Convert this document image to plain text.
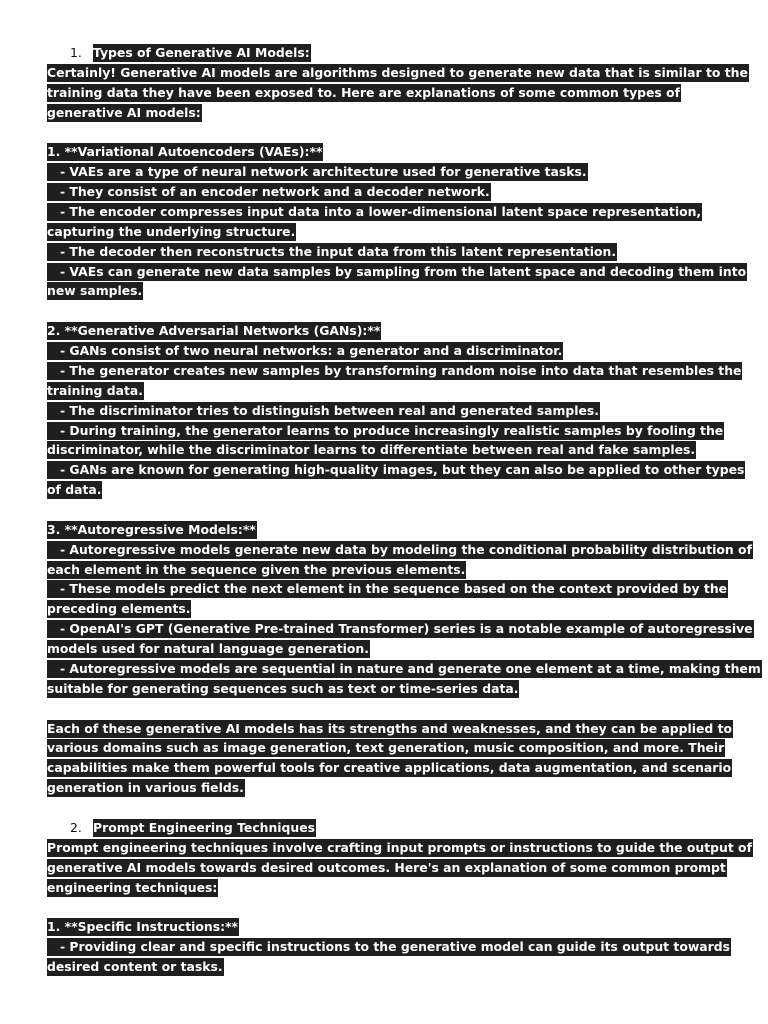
1. Types of Generative AI Models:
Certainly! Generative AI models are algorithms designed to generate new data that is similar to the
training data they have been exposed to. Here are explanations of some common types of
generative AI models:
1. **Variational Autoencoders (VAEs):**
- VAEs are a type of neural network architecture used for generative tasks.
- They consist of an encoder network and a decoder network.
- The encoder compresses input data into a lower-dimensional latent space representation,
capturing the underlying structure.
- The decoder then reconstructs the input data from this latent representation.
- VAEs can generate new data samples by sampling from the latent space and decoding them into
new samples.
2. **Generative Adversarial Networks (GANs):**
- GANs consist of two neural networks: a generator and a discriminator.
- The generator creates new samples by transforming random noise into data that resembles the
training data.
- The discriminator tries to distinguish between real and generated samples.
- During training, the generator learns to produce increasingly realistic samples by fooling the
discriminator, while the discriminator learns to differentiate between real and fake samples.
- GANs are known for generating high-quality images, but they can also be applied to other types
of data.
3. **Autoregressive Models:**
- Autoregressive models generate new data by modeling the conditional probability distribution of
each element in the sequence given the previous elements.
- These models predict the next element in the sequence based on the context provided by the
preceding elements.
- OpenAI's GPT (Generative Pre-trained Transformer) series is a notable example of autoregressive
models used for natural language generation.
- Autoregressive models are sequential in nature and generate one element at a time, making them
suitable for generating sequences such as text or time-series data.
Each of these generative AI models has its strengths and weaknesses, and they can be applied to
various domains such as image generation, text generation, music composition, and more. Their
capabilities make them powerful tools for creative applications, data augmentation, and scenario
generation in various fields.
2. Prompt Engineering Techniques
Prompt engineering techniques involve crafting input prompts or instructions to guide the output of
generative AI models towards desired outcomes. Here's an explanation of some common prompt
engineering techniques:
1. **Specific Instructions:**
- Providing clear and specific instructions to the generative model can guide its output towards
desired content or tasks.
